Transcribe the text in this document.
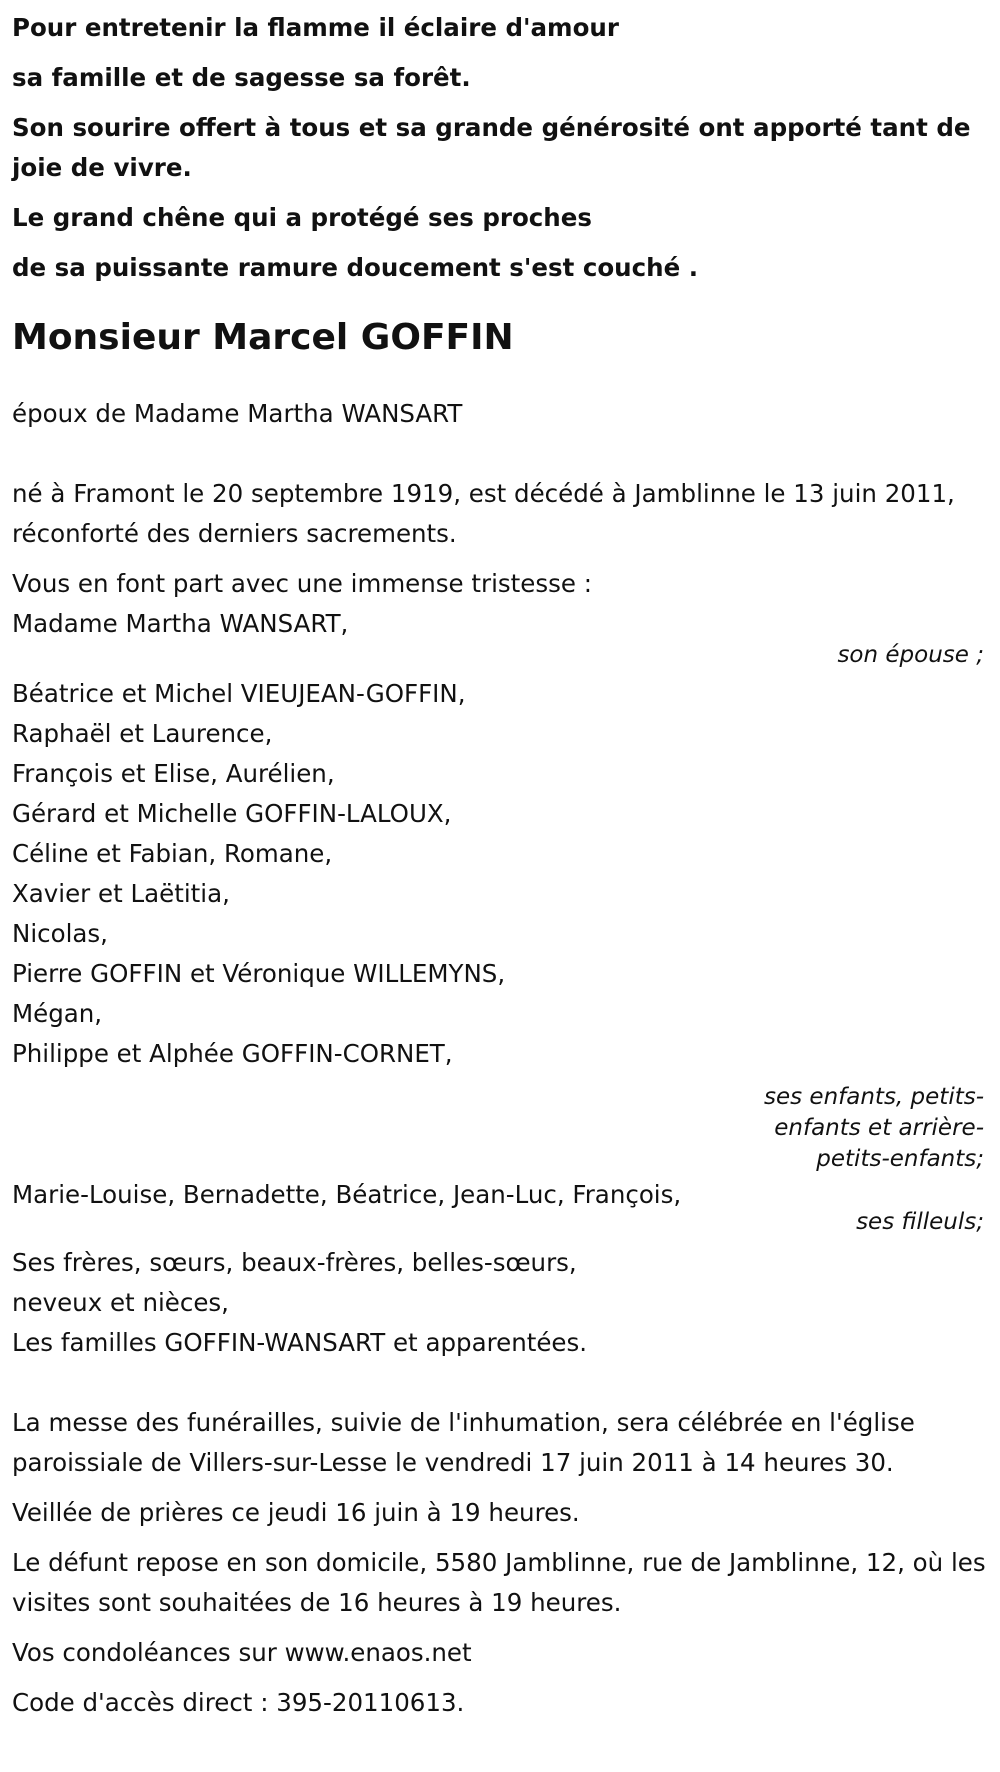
Pour entretenir la flamme il éclaire d'amour

sa famille et de sagesse sa forêt.

Son sourire offert à tous et sa grande générosité ont apporté tant de joie de vivre.

Le grand chêne qui a protégé ses proches

de sa puissante ramure doucement s'est couché .

Monsieur Marcel GOFFIN

époux de Madame Martha WANSART

né à Framont le 20 septembre 1919, est décédé à Jamblinne le 13 juin 2011, réconforté des derniers sacrements.

Vous en font part avec une immense tristesse :

Madame Martha WANSART,

son épouse ;

Béatrice et Michel VIEUJEAN-GOFFIN,

Raphaël et Laurence,

François et Elise, Aurélien,

Gérard et Michelle GOFFIN-LALOUX,

Céline et Fabian, Romane,

Xavier et Laëtitia,

Nicolas,

Pierre GOFFIN et Véronique WILLEMYNS,

Mégan,

Philippe et Alphée GOFFIN-CORNET,

ses enfants, petits-enfants et arrière-petits-enfants;

Marie-Louise, Bernadette, Béatrice, Jean-Luc, François,

ses filleuls;

Ses frères, sœurs, beaux-frères, belles-sœurs,

neveux et nièces,

Les familles GOFFIN-WANSART et apparentées.

La messe des funérailles, suivie de l'inhumation, sera célébrée en l'église paroissiale de Villers-sur-Lesse le vendredi 17 juin 2011 à 14 heures 30.

Veillée de prières ce jeudi 16 juin à 19 heures.

Le défunt repose en son domicile, 5580 Jamblinne, rue de Jamblinne, 12, où les visites sont souhaitées de 16 heures à 19 heures.

Vos condoléances sur www.enaos.net

Code d'accès direct : 395-20110613.
